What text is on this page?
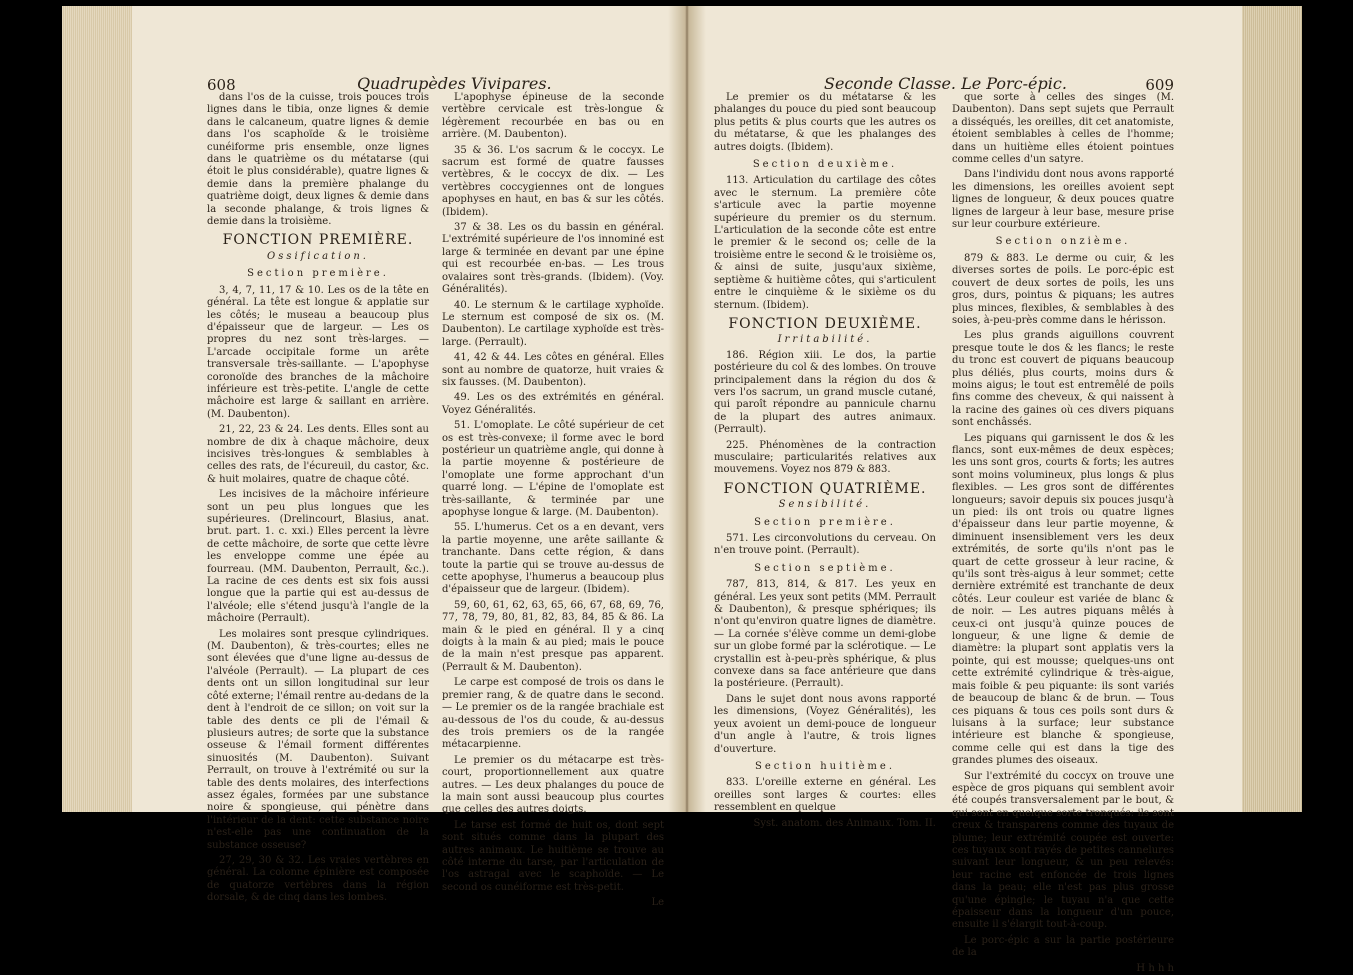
608	Quadrupèdes Vivipares.

dans l'os de la cuisse, trois pouces trois lignes dans le tibia, onze lignes & demie dans le calcaneum, quatre lignes & demie dans l'os scaphoïde & le troisième cunéiforme pris ensemble, onze lignes dans le quatrième os du métatarse (qui étoit le plus considérable), quatre lignes & demie dans la première phalange du quatrième doigt, deux lignes & demie dans la seconde phalange, & trois lignes & demie dans la troisième.

FONCTION PREMIÈRE.
Ossification.
Section première.

3, 4, 7, 11, 17 & 10. Les os de la tête en général. La tête est longue & applatie sur les côtés; le museau a beaucoup plus d'épaisseur que de largeur. — Les os propres du nez sont très-larges. — L'arcade occipitale forme un arête transversale très-saillante. — L'apophyse coronoïde des branches de la mâchoire inférieure est très-petite. L'angle de cette mâchoire est large & saillant en arrière. (M. Daubenton).

21, 22, 23 & 24. Les dents. Elles sont au nombre de dix à chaque mâchoire, deux incisives très-longues & semblables à celles des rats, de l'écureuil, du castor, &c. & huit molaires, quatre de chaque côté.

Les incisives de la mâchoire inférieure sont un peu plus longues que les supérieures. (Drelincourt, Blasius, anat. brut. part. 1. c. xxi.) Elles percent la lèvre de cette mâchoire, de sorte que cette lèvre les enveloppe comme une épée au fourreau. (MM. Daubenton, Perrault, &c.). La racine de ces dents est six fois aussi longue que la partie qui est au-dessus de l'alvéole; elle s'étend jusqu'à l'angle de la mâchoire (Perrault).

Les molaires sont presque cylindriques. (M. Daubenton), & très-courtes; elles ne sont élevées que d'une ligne au-dessus de l'alvéole (Perrault). — La plupart de ces dents ont un sillon longitudinal sur leur côté externe; l'émail rentre au-dedans de la dent à l'endroit de ce sillon; on voit sur la table des dents ce pli de l'émail & plusieurs autres; de sorte que la substance osseuse & l'émail forment différentes sinuosités (M. Daubenton). Suivant Perrault, on trouve à l'extrémité ou sur la table des dents molaires, des interfections assez égales, formées par une substance noire & spongieuse, qui pénètre dans l'intérieur de la dent: cette substance noire n'est-elle pas une continuation de la substance osseuse?

27, 29, 30 & 32. Les vraies vertèbres en général. La colonne épinière est composée de quatorze vertèbres dans la région dorsale, & de cinq dans les lombes.

L'apophyse épineuse de la seconde vertèbre cervicale est très-longue & légèrement recourbée en bas ou en arrière. (M. Daubenton).

35 & 36. L'os sacrum & le coccyx. Le sacrum est formé de quatre fausses vertèbres, & le coccyx de dix. — Les vertèbres coccygiennes ont de longues apophyses en haut, en bas & sur les côtés. (Ibidem).

37 & 38. Les os du bassin en général. L'extrémité supérieure de l'os innominé est large & terminée en devant par une épine qui est recourbée en-bas. — Les trous ovalaires sont très-grands. (Ibidem). (Voy. Généralités).

40. Le sternum & le cartilage xyphoïde. Le sternum est composé de six os. (M. Daubenton). Le cartilage xyphoïde est très-large. (Perrault).

41, 42 & 44. Les côtes en général. Elles sont au nombre de quatorze, huit vraies & six fausses. (M. Daubenton).

49. Les os des extrémités en général. Voyez Généralités.

51. L'omoplate. Le côté supérieur de cet os est très-convexe; il forme avec le bord postérieur un quatrième angle, qui donne à la partie moyenne & postérieure de l'omoplate une forme approchant d'un quarré long. — L'épine de l'omoplate est très-saillante, & terminée par une apophyse longue & large. (M. Daubenton).

55. L'humerus. Cet os a en devant, vers la partie moyenne, une arête saillante & tranchante. Dans cette région, & dans toute la partie qui se trouve au-dessus de cette apophyse, l'humerus a beaucoup plus d'épaisseur que de largeur. (Ibidem).

59, 60, 61, 62, 63, 65, 66, 67, 68, 69, 76, 77, 78, 79, 80, 81, 82, 83, 84, 85 & 86. La main & le pied en général. Il y a cinq doigts à la main & au pied; mais le pouce de la main n'est presque pas apparent. (Perrault & M. Daubenton).

Le carpe est composé de trois os dans le premier rang, & de quatre dans le second. — Le premier os de la rangée brachiale est au-dessous de l'os du coude, & au-dessus des trois premiers os de la rangée métacarpienne.

Le premier os du métacarpe est très-court, proportionnellement aux quatre autres. — Les deux phalanges du pouce de la main sont aussi beaucoup plus courtes que celles des autres doigts.

Le tarse est formé de huit os, dont sept sont situés comme dans la plupart des autres animaux. Le huitième se trouve au côté interne du tarse, par l'articulation de l'os astragal avec le scaphoïde. — Le second os cunéiforme est très-petit.

Le
Seconde Classe. Le Porc-épic.	609

Le premier os du métatarse & les phalanges du pouce du pied sont beaucoup plus petits & plus courts que les autres os du métatarse, & que les phalanges des autres doigts. (Ibidem).

Section deuxième.

113. Articulation du cartilage des côtes avec le sternum. La première côte s'articule avec la partie moyenne supérieure du premier os du sternum. L'articulation de la seconde côte est entre le premier & le second os; celle de la troisième entre le second & le troisième os, & ainsi de suite, jusqu'aux sixième, septième & huitième côtes, qui s'articulent entre le cinquième & le sixième os du sternum. (Ibidem).

FONCTION DEUXIÈME.
Irritabilité.

186. Région xiii. Le dos, la partie postérieure du col & des lombes. On trouve principalement dans la région du dos & vers l'os sacrum, un grand muscle cutané, qui paroît répondre au pannicule charnu de la plupart des autres animaux. (Perrault).

225. Phénomènes de la contraction musculaire; particularités relatives aux mouvemens. Voyez nos 879 & 883.

FONCTION QUATRIÈME.
Sensibilité.
Section première.

571. Les circonvolutions du cerveau. On n'en trouve point. (Perrault).

Section septième.

787, 813, 814, & 817. Les yeux en général. Les yeux sont petits (MM. Perrault & Daubenton), & presque sphériques; ils n'ont qu'environ quatre lignes de diamètre. — La cornée s'élève comme un demi-globe sur un globe formé par la sclérotique. — Le crystallin est à-peu-près sphérique, & plus convexe dans sa face antérieure que dans la postérieure. (Perrault).

Dans le sujet dont nous avons rapporté les dimensions, (Voyez Généralités), les yeux avoient un demi-pouce de longueur d'un angle à l'autre, & trois lignes d'ouverture.

Section huitième.

833. L'oreille externe en général. Les oreilles sont larges & courtes: elles ressemblent en quelque

Syst. anatom. des Animaux. Tom. II.

que sorte à celles des singes (M. Daubenton). Dans sept sujets que Perrault a disséqués, les oreilles, dit cet anatomiste, étoient semblables à celles de l'homme; dans un huitième elles étoient pointues comme celles d'un satyre.

Dans l'individu dont nous avons rapporté les dimensions, les oreilles avoient sept lignes de longueur, & deux pouces quatre lignes de largeur à leur base, mesure prise sur leur courbure extérieure.

Section onzième.

879 & 883. Le derme ou cuir, & les diverses sortes de poils. Le porc-épic est couvert de deux sortes de poils, les uns gros, durs, pointus & piquans; les autres plus minces, flexibles, & semblables à des soies, à-peu-près comme dans le hérisson.

Les plus grands aiguillons couvrent presque toute le dos & les flancs; le reste du tronc est couvert de piquans beaucoup plus déliés, plus courts, moins durs & moins aigus; le tout est entremêlé de poils fins comme des cheveux, & qui naissent à la racine des gaines où ces divers piquans sont enchâssés.

Les piquans qui garnissent le dos & les flancs, sont eux-mêmes de deux espèces; les uns sont gros, courts & forts; les autres sont moins volumineux, plus longs & plus flexibles. — Les gros sont de différentes longueurs; savoir depuis six pouces jusqu'à un pied: ils ont trois ou quatre lignes d'épaisseur dans leur partie moyenne, & diminuent insensiblement vers les deux extrémités, de sorte qu'ils n'ont pas le quart de cette grosseur à leur racine, & qu'ils sont très-aigus à leur sommet; cette dernière extrémité est tranchante de deux côtés. Leur couleur est variée de blanc & de noir. — Les autres piquans mêlés à ceux-ci ont jusqu'à quinze pouces de longueur, & une ligne & demie de diamètre: la plupart sont applatis vers la pointe, qui est mousse; quelques-uns ont cette extrémité cylindrique & très-aigue, mais foible & peu piquante: ils sont variés de beaucoup de blanc & de brun. — Tous ces piquans & tous ces poils sont durs & luisans à la surface; leur substance intérieure est blanche & spongieuse, comme celle qui est dans la tige des grandes plumes des oiseaux.

Sur l'extrémité du coccyx on trouve une espèce de gros piquans qui semblent avoir été coupés transversalement par le bout, & qui sont en quelque sorte tronqués: ils sont creux & transparens comme des tuyaux de plume; leur extrémité coupée est ouverte: ces tuyaux sont rayés de petites cannelures suivant leur longueur, & un peu relevés: leur racine est enfoncée de trois lignes dans la peau; elle n'est pas plus grosse qu'une épingle; le tuyau n'a que cette épaisseur dans la longueur d'un pouce, ensuite il s'élargit tout-à-coup.

Le porc-épic a sur la partie postérieure de la

H h h h
